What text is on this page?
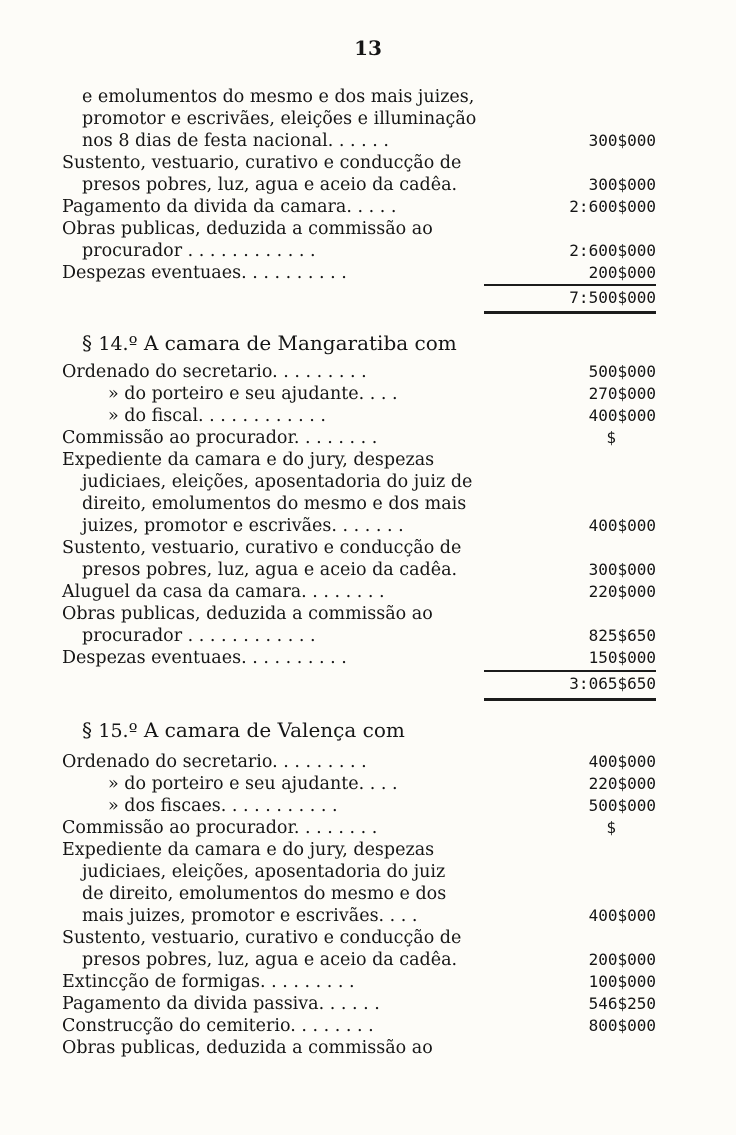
13
e emolumentos do mesmo e dos mais juizes,
promotor e escrivães, eleições e illuminação
nos 8 dias de festa nacional. . . . . .	300$000
Sustento, vestuario, curativo e conducção de
presos pobres, luz, agua e aceio da cadêa.	300$000
Pagamento da divida da camara. . . . .	2:600$000
Obras publicas, deduzida a commissão ao
procurador . . . . . . . . . . . .	2:600$000
Despezas eventuaes. . . . . . . . . .	200$000
7:500$000
§ 14.º A camara de Mangaratiba com
Ordenado do secretario. . . . . . . . .	500$000
» do porteiro e seu ajudante. . . .	270$000
» do fiscal. . . . . . . . . . . .	400$000
Commissão ao procurador. . . . . . . .	$
Expediente da camara e do jury, despezas
judiciaes, eleições, aposentadoria do juiz de
direito, emolumentos do mesmo e dos mais
juizes, promotor e escrivães. . . . . . .	400$000
Sustento, vestuario, curativo e conducção de
presos pobres, luz, agua e aceio da cadêa.	300$000
Aluguel da casa da camara. . . . . . . .	220$000
Obras publicas, deduzida a commissão ao
procurador . . . . . . . . . . . .	825$650
Despezas eventuaes. . . . . . . . . .	150$000
3:065$650
§ 15.º A camara de Valença com
Ordenado do secretario. . . . . . . . .	400$000
» do porteiro e seu ajudante. . . .	220$000
» dos fiscaes. . . . . . . . . . .	500$000
Commissão ao procurador. . . . . . . .	$
Expediente da camara e do jury, despezas
judiciaes, eleições, aposentadoria do juiz
de direito, emolumentos do mesmo e dos
mais juizes, promotor e escrivães. . . .	400$000
Sustento, vestuario, curativo e conducção de
presos pobres, luz, agua e aceio da cadêa.	200$000
Extincção de formigas. . . . . . . . .	100$000
Pagamento da divida passiva. . . . . .	546$250
Construcção do cemiterio. . . . . . . .	800$000
Obras publicas, deduzida a commissão ao
